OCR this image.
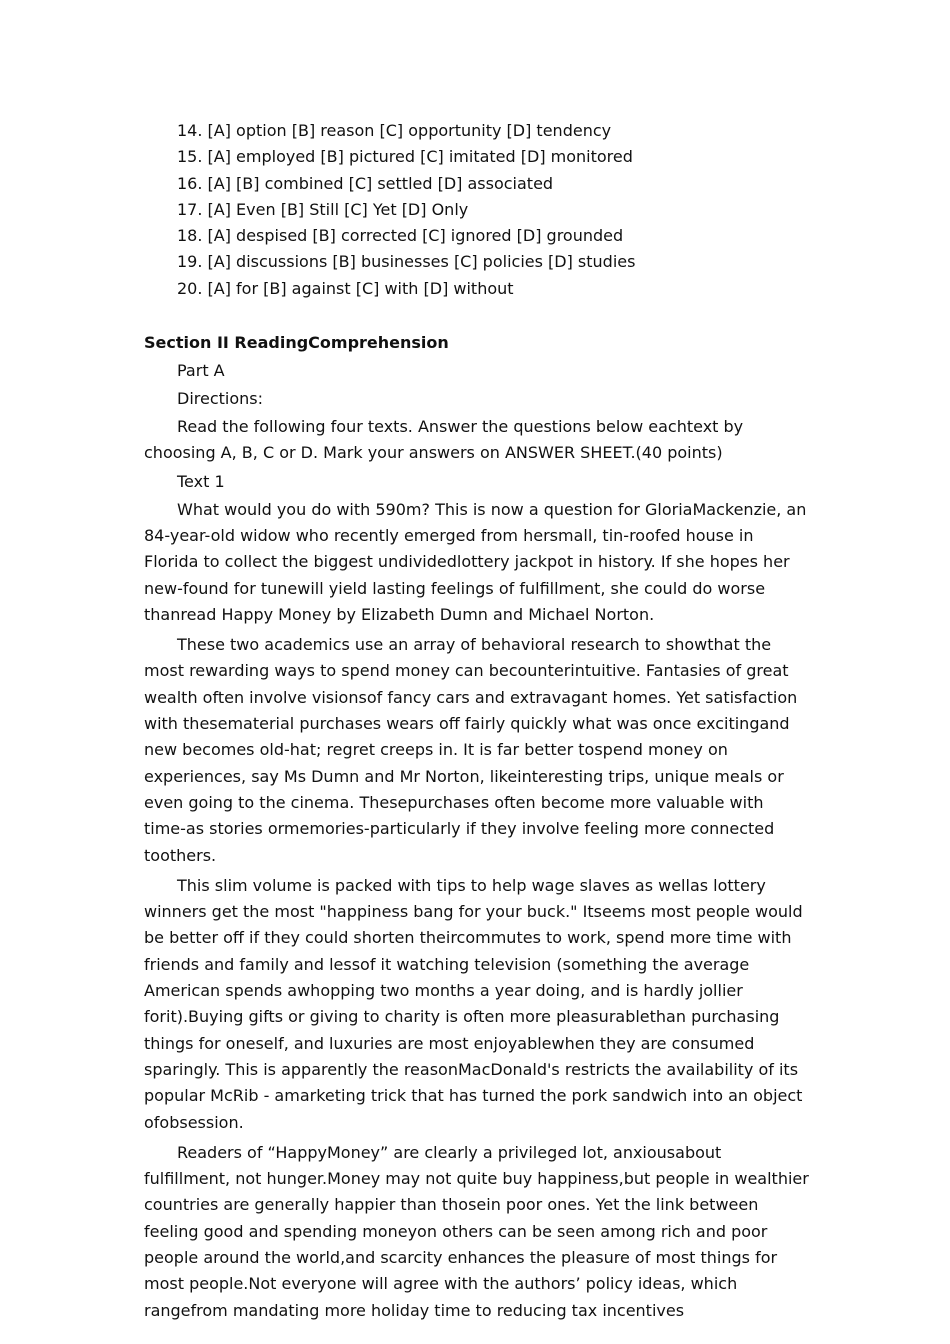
14. [A] option [B] reason [C] opportunity [D] tendency
15. [A] employed [B] pictured [C] imitated [D] monitored
16. [A] [B] combined [C] settled [D] associated
17. [A] Even [B] Still [C] Yet [D] Only
18. [A] despised [B] corrected [C] ignored [D] grounded
19. [A] discussions [B] businesses [C] policies [D] studies
20. [A] for [B] against [C] with [D] without
Section II ReadingComprehension
Part A
Directions:

Read the following four texts. Answer the questions below eachtext by choosing A, B, C or D. Mark your answers on ANSWER SHEET.(40 points)

Text 1

What would you do with 590m? This is now a question for GloriaMackenzie, an 84-year-old widow who recently emerged from hersmall, tin-roofed house in Florida to collect the biggest undividedlottery jackpot in history. If she hopes her new-found for tunewill yield lasting feelings of fulfillment, she could do worse thanread Happy Money by Elizabeth Dumn and Michael Norton.

These two academics use an array of behavioral research to showthat the most rewarding ways to spend money can becounterintuitive. Fantasies of great wealth often involve visionsof fancy cars and extravagant homes. Yet satisfaction with thesematerial purchases wears off fairly quickly what was once excitingand new becomes old-hat; regret creeps in. It is far better tospend money on experiences, say Ms Dumn and Mr Norton, likeinteresting trips, unique meals or even going to the cinema. Thesepurchases often become more valuable with time-as stories ormemories-particularly if they involve feeling more connected toothers.

This slim volume is packed with tips to help wage slaves as wellas lottery winners get the most "happiness bang for your buck." Itseems most people would be better off if they could shorten theircommutes to work, spend more time with friends and family and lessof it watching television (something the average American spends awhopping two months a year doing, and is hardly jollier forit).Buying gifts or giving to charity is often more pleasurablethan purchasing things for oneself, and luxuries are most enjoyablewhen they are consumed sparingly. This is apparently the reasonMacDonald's restricts the availability of its popular McRib - amarketing trick that has turned the pork sandwich into an object ofobsession.

Readers of “HappyMoney” are clearly a privileged lot, anxiousabout fulfillment, not hunger.Money may not quite buy happiness,but people in wealthier countries are generally happier than thosein poor ones. Yet the link between feeling good and spending moneyon others can be seen among rich and poor people around the world,and scarcity enhances the pleasure of most things for most people.Not everyone will agree with the authors’ policy ideas, which rangefrom mandating more holiday time to reducing tax incentives
